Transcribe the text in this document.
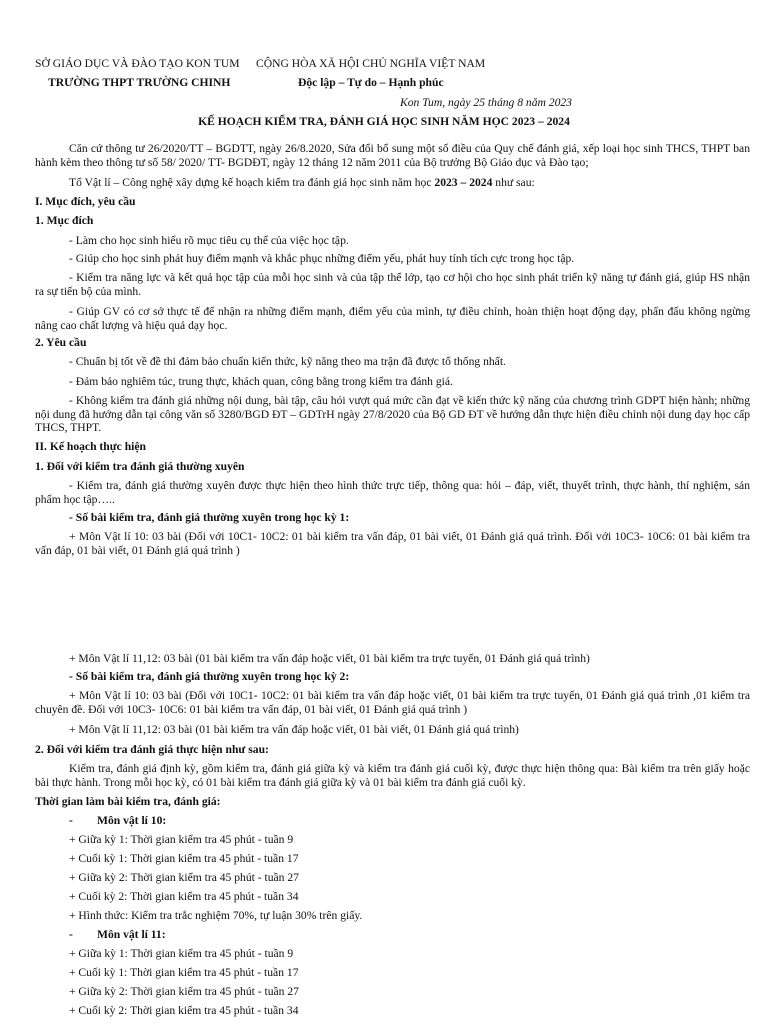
SỞ GIÁO DỤC VÀ ĐÀO TẠO KON TUM CỘNG HÒA XÃ HỘI CHỦ NGHĨA VIỆT NAM
TRƯỜNG THPT TRƯỜNG CHINH	Độc lập – Tự do – Hạnh phúc
Kon Tum, ngày 25 tháng 8 năm 2023
KẾ HOẠCH KIỂM TRA, ĐÁNH GIÁ HỌC SINH NĂM HỌC 2023 – 2024
Căn cứ thông tư 26/2020/TT – BGDTT, ngày 26/8.2020, Sửa đổi bổ sung một số điều của Quy chế đánh giá, xếp loại học sinh THCS, THPT ban hành kèm theo thông tư số 58/ 2020/ TT- BGDĐT, ngày 12 tháng 12 năm 2011 của Bộ trưởng Bộ Giáo dục và Đào tạo;
Tổ Vật lí – Công nghệ xây dựng kế hoạch kiểm tra đánh giá học sinh năm học 2023 – 2024 như sau:
I. Mục đích, yêu cầu
1. Mục đích
- Làm cho học sinh hiểu rõ mục tiêu cụ thể của việc học tập.
- Giúp cho học sinh phát huy điểm mạnh và khắc phục những điểm yếu, phát huy tính tích cực trong học tập.
- Kiểm tra năng lực và kết quả học tập của mỗi học sinh và của tập thể lớp, tạo cơ hội cho học sinh phát triển kỹ năng tự đánh giá, giúp HS nhận ra sự tiến bộ của mình.
- Giúp GV có cơ sở thực tế để nhận ra những điểm mạnh, điểm yếu của mình, tự điều chỉnh, hoàn thiện hoạt động dạy, phấn đấu không ngừng nâng cao chất lượng và hiệu quả dạy học.
2. Yêu cầu
- Chuẩn bị tốt về đề thi đảm bảo chuẩn kiến thức, kỹ năng theo ma trận đã được tổ thống nhất.
- Đảm bảo nghiêm túc, trung thực, khách quan, công bằng trong kiểm tra đánh giá.
- Không kiểm tra đánh giá những nội dung, bài tập, câu hỏi vượt quá mức cần đạt về kiến thức kỹ năng của chương trình GDPT hiện hành; những nội dung đã hướng dẫn tại công văn số 3280/BGD ĐT – GDTrH ngày 27/8/2020 của Bộ GD ĐT về hướng dẫn thực hiện điều chỉnh nội dung dạy học cấp THCS, THPT.
II. Kế hoạch thực hiện
1. Đối với kiểm tra đánh giá thường xuyên
- Kiểm tra, đánh giá thường xuyên được thực hiện theo hình thức trực tiếp, thông qua: hỏi – đáp, viết, thuyết trình, thực hành, thí nghiệm, sản phẩm học tập…..
- Số bài kiểm tra, đánh giá thường xuyên trong học kỳ 1:
+ Môn Vật lí 10: 03 bài (Đối với 10C1- 10C2: 01 bài kiểm tra vấn đáp, 01 bài viết, 01 Đánh giá quá trình. Đối với 10C3- 10C6: 01 bài kiểm tra vấn đáp, 01 bài viết, 01 Đánh giá quá trình )
+ Môn Vật lí 11,12: 03 bài (01 bài kiểm tra vấn đáp hoặc viết, 01 bài kiểm tra trực tuyến, 01 Đánh giá quá trình)
- Số bài kiểm tra, đánh giá thường xuyên trong học kỳ 2:
+ Môn Vật lí 10: 03 bài (Đối với 10C1- 10C2: 01 bài kiểm tra vấn đáp hoặc viết, 01 bài kiểm tra trực tuyến, 01 Đánh giá quá trình ,01 kiểm tra chuyên đề. Đối với 10C3- 10C6: 01 bài kiểm tra vấn đáp, 01 bài viết, 01 Đánh giá quá trình )
+ Môn Vật lí 11,12: 03 bài (01 bài kiểm tra vấn đáp hoặc viết, 01 bài viết, 01 Đánh giá quá trình)
2. Đối với kiểm tra đánh giá thực hiện như sau:
Kiểm tra, đánh giá định kỳ, gồm kiểm tra, đánh giá giữa kỳ và kiểm tra đánh giá cuối kỳ, được thực hiện thông qua: Bài kiểm tra trên giấy hoặc bài thực hành. Trong mỗi học kỳ, có 01 bài kiểm tra đánh giá giữa kỳ và 01 bài kiểm tra đánh giá cuối kỳ.
Thời gian làm bài kiểm tra, đánh giá:
- Môn vật lí 10:
+ Giữa kỳ 1: Thời gian kiểm tra 45 phút - tuần 9
+ Cuối kỳ 1: Thời gian kiểm tra 45 phút - tuần 17
+ Giữa kỳ 2: Thời gian kiểm tra 45 phút - tuần 27
+ Cuối kỳ 2: Thời gian kiểm tra 45 phút - tuần 34
+ Hình thức: Kiểm tra trắc nghiệm 70%, tự luận 30% trên giấy.
- Môn vật lí 11:
+ Giữa kỳ 1: Thời gian kiểm tra 45 phút - tuần 9
+ Cuối kỳ 1: Thời gian kiểm tra 45 phút - tuần 17
+ Giữa kỳ 2: Thời gian kiểm tra 45 phút - tuần 27
+ Cuối kỳ 2: Thời gian kiểm tra 45 phút - tuần 34
